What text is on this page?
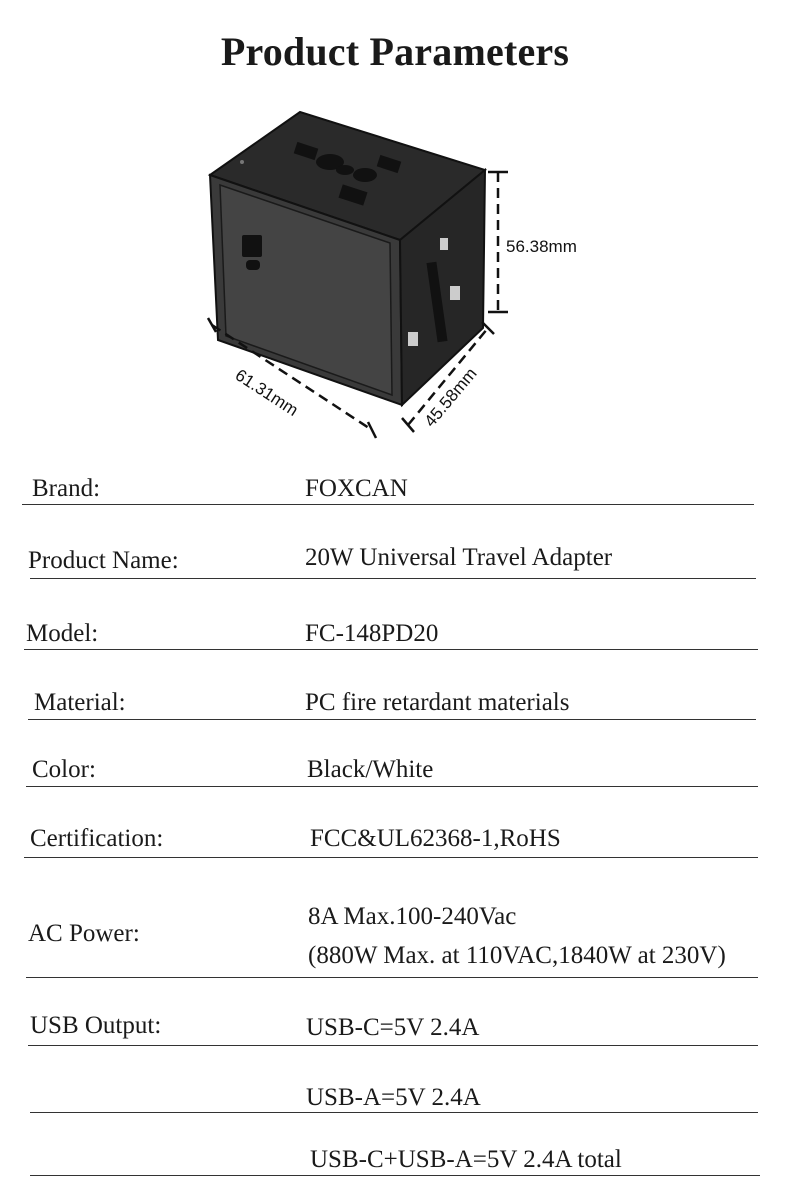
Product Parameters
56.38mm
61.31mm	45.58mm
Brand:	FOXCAN
Product Name:	20W Universal Travel Adapter
Model:	FC-148PD20
Material:	PC fire retardant materials
Color:	Black/White
Certification:	FCC&UL62368-1,RoHS
AC Power:
8A Max.100-240Vac
(880W Max. at 110VAC,1840W at 230V)
USB Output:	USB-C=5V 2.4A
USB-A=5V 2.4A
USB-C+USB-A=5V 2.4A total
